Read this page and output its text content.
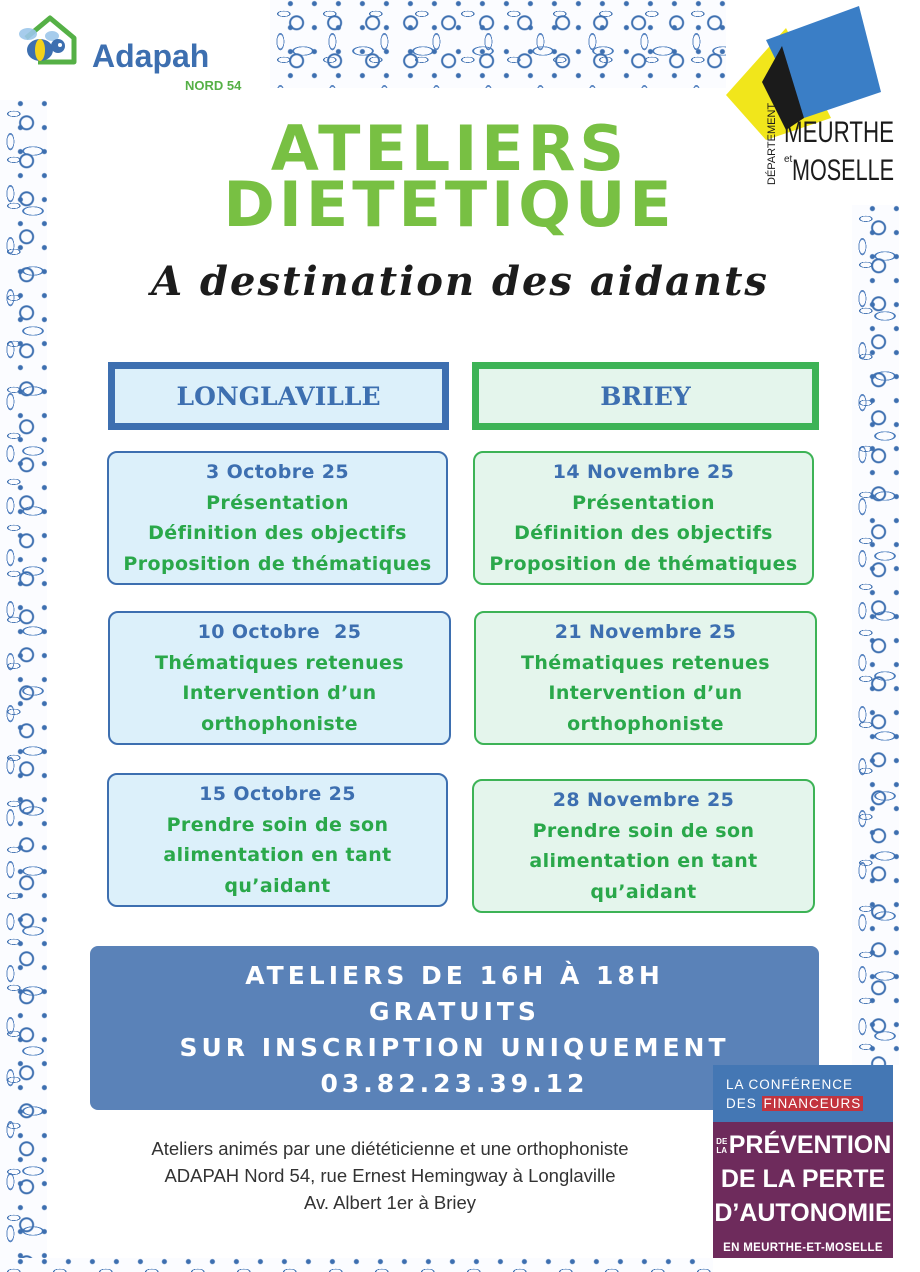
Adapah
NORD 54
DÉPARTEMENT MEURTHE
et MOSELLE
ATELIERS
DIETETIQUE
A destination des aidants
LONGLAVILLE	BRIEY
3 Octobre 25
Présentation
Définition des objectifs
Proposition de thématiques
10 Octobre  25
Thématiques retenues
Intervention d’un
orthophoniste
15 Octobre 25
Prendre soin de son
alimentation en tant
qu’aidant
14 Novembre 25
Présentation
Définition des objectifs
Proposition de thématiques
21 Novembre 25
Thématiques retenues
Intervention d’un
orthophoniste
28 Novembre 25
Prendre soin de son
alimentation en tant
qu’aidant
ATELIERS DE 16H À 18H
GRATUITS
SUR INSCRIPTION UNIQUEMENT
03.82.23.39.12
Ateliers animés par une diététicienne et une orthophoniste
ADAPAH Nord 54, rue Ernest Hemingway à Longlaville
Av. Albert 1er à Briey
LA CONFÉRENCE
DES FINANCEURS
DE LAPRÉVENTION
DE LA PERTE
D’AUTONOMIE
EN MEURTHE-ET-MOSELLE
